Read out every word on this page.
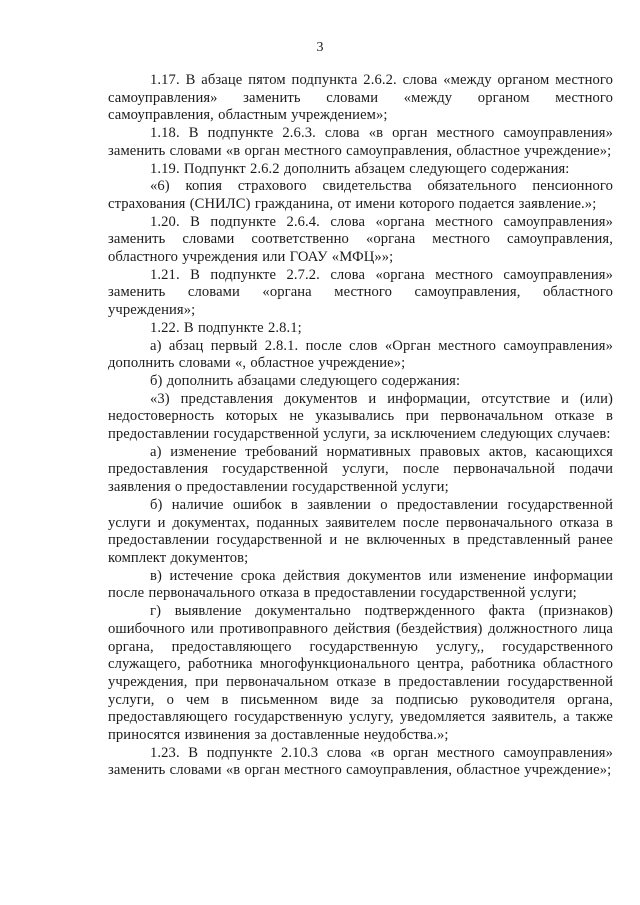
3

1.17. В абзаце пятом подпункта 2.6.2. слова «между органом местного самоуправления» заменить словами «между органом местного самоуправления, областным учреждением»;

1.18. В подпункте 2.6.3. слова «в орган местного самоуправления» заменить словами «в орган местного самоуправления, областное учреждение»;

1.19. Подпункт 2.6.2 дополнить абзацем следующего содержания:

«6) копия страхового свидетельства обязательного пенсионного страхования (СНИЛС) гражданина, от имени которого подается заявление.»;

1.20. В подпункте 2.6.4. слова «органа местного самоуправления» заменить словами соответственно «органа местного самоуправления, областного учреждения или ГОАУ «МФЦ»»;

1.21. В подпункте 2.7.2. слова «органа местного самоуправления» заменить словами «органа местного самоуправления, областного учреждения»;

1.22. В подпункте 2.8.1;

а) абзац первый 2.8.1. после слов «Орган местного самоуправления» дополнить словами «, областное учреждение»;

б) дополнить абзацами следующего содержания:

«3) представления документов и информации, отсутствие и (или) недостоверность которых не указывались при первоначальном отказе в предоставлении государственной услуги, за исключением следующих случаев:

а) изменение требований нормативных правовых актов, касающихся предоставления государственной услуги, после первоначальной подачи заявления о предоставлении государственной услуги;

б) наличие ошибок в заявлении о предоставлении государственной услуги и документах, поданных заявителем после первоначального отказа в предоставлении государственной и не включенных в представленный ранее комплект документов;

в) истечение срока действия документов или изменение информации после первоначального отказа в предоставлении государственной услуги;

г) выявление документально подтвержденного факта (признаков) ошибочного или противоправного действия (бездействия) должностного лица органа, предоставляющего государственную услугу,, государственного служащего, работника многофункционального центра, работника областного учреждения, при первоначальном отказе в предоставлении государственной услуги, о чем в письменном виде за подписью руководителя органа, предоставляющего государственную услугу, уведомляется заявитель, а также приносятся извинения за доставленные неудобства.»;

1.23. В подпункте 2.10.3 слова «в орган местного самоуправления» заменить словами «в орган местного самоуправления, областное учреждение»;
